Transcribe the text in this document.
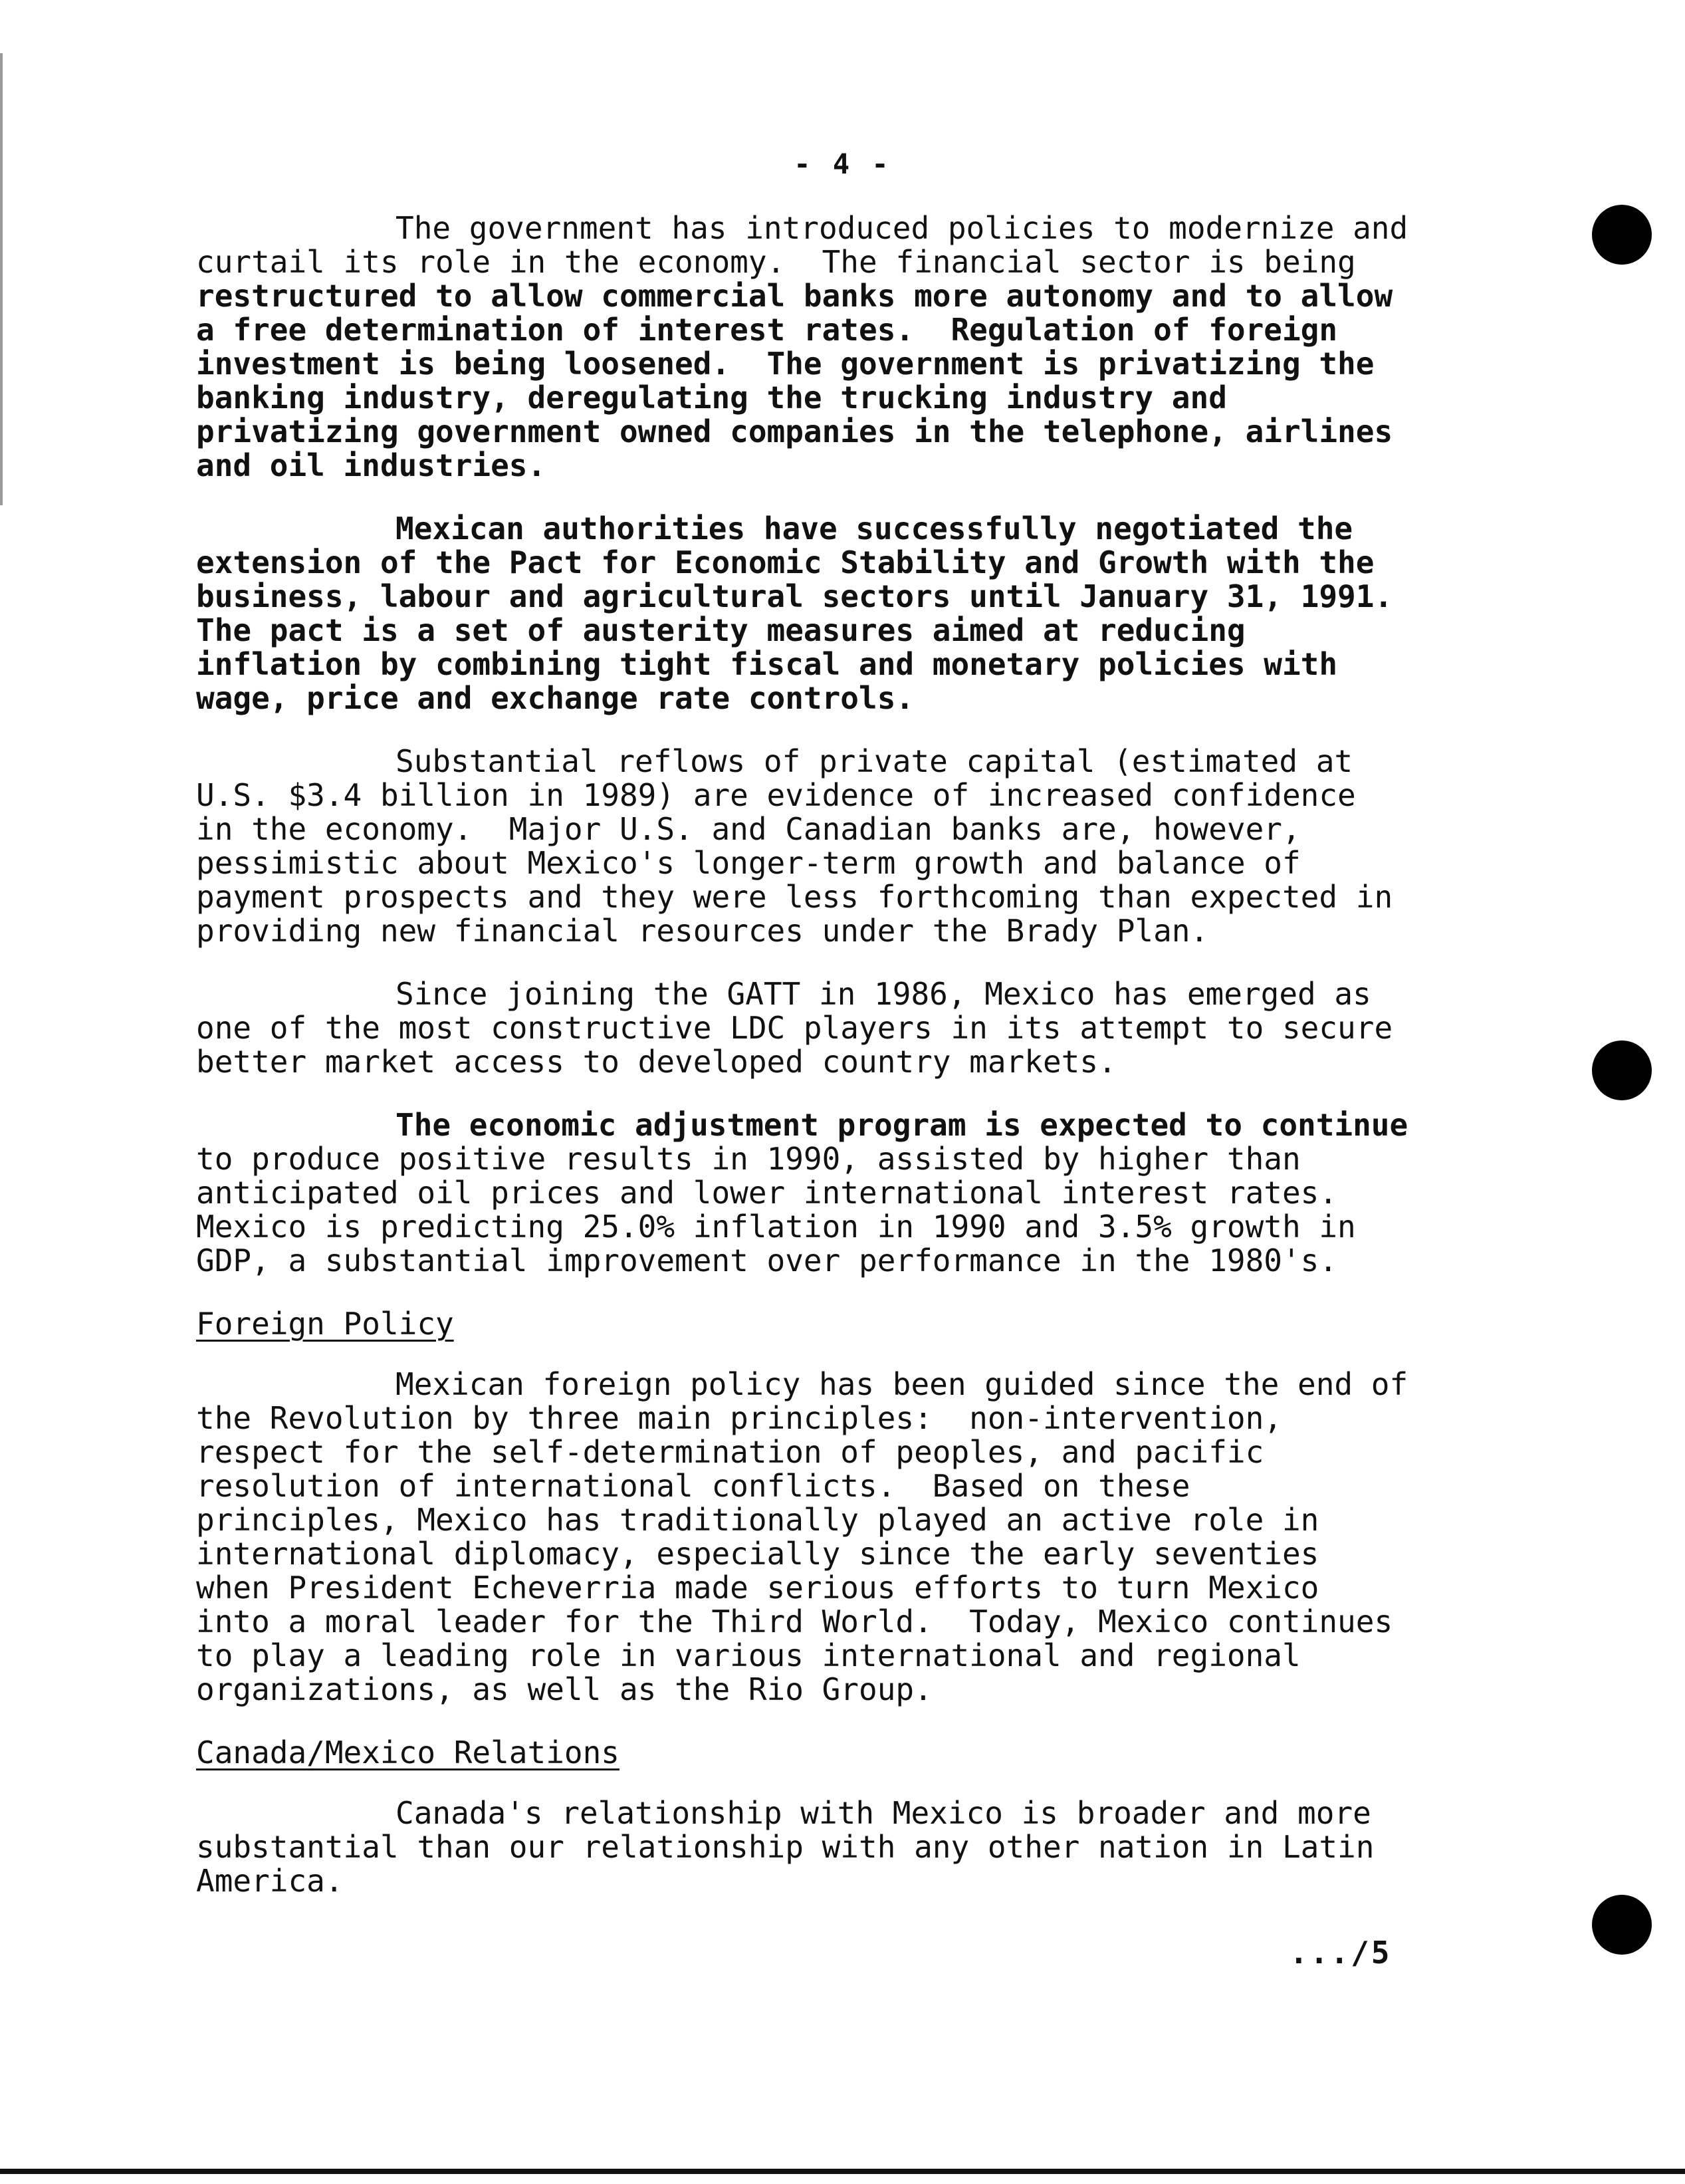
- 4 -
The government has introduced policies to modernize and
curtail its role in the economy.  The financial sector is being
restructured to allow commercial banks more autonomy and to allow
a free determination of interest rates.  Regulation of foreign
investment is being loosened.  The government is privatizing the
banking industry, deregulating the trucking industry and
privatizing government owned companies in the telephone, airlines
and oil industries.
Mexican authorities have successfully negotiated the
extension of the Pact for Economic Stability and Growth with the
business, labour and agricultural sectors until January 31, 1991.
The pact is a set of austerity measures aimed at reducing
inflation by combining tight fiscal and monetary policies with
wage, price and exchange rate controls.
Substantial reflows of private capital (estimated at
U.S. $3.4 billion in 1989) are evidence of increased confidence
in the economy.  Major U.S. and Canadian banks are, however,
pessimistic about Mexico's longer-term growth and balance of
payment prospects and they were less forthcoming than expected in
providing new financial resources under the Brady Plan.
Since joining the GATT in 1986, Mexico has emerged as
one of the most constructive LDC players in its attempt to secure
better market access to developed country markets.
The economic adjustment program is expected to continue
to produce positive results in 1990, assisted by higher than
anticipated oil prices and lower international interest rates.
Mexico is predicting 25.0% inflation in 1990 and 3.5% growth in
GDP, a substantial improvement over performance in the 1980's.
Foreign Policy
Mexican foreign policy has been guided since the end of
the Revolution by three main principles:  non-intervention,
respect for the self-determination of peoples, and pacific
resolution of international conflicts.  Based on these
principles, Mexico has traditionally played an active role in
international diplomacy, especially since the early seventies
when President Echeverria made serious efforts to turn Mexico
into a moral leader for the Third World.  Today, Mexico continues
to play a leading role in various international and regional
organizations, as well as the Rio Group.
Canada/Mexico Relations
Canada's relationship with Mexico is broader and more
substantial than our relationship with any other nation in Latin
America.
.../5
